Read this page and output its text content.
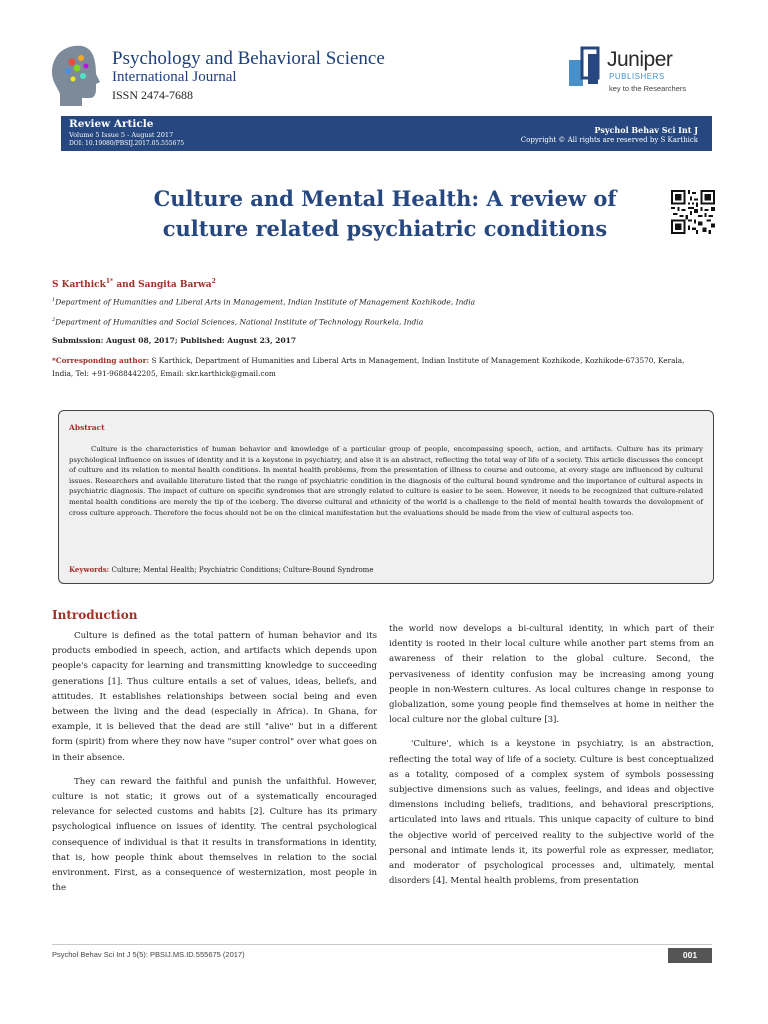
Psychology and Behavioral Science
International Journal
ISSN 2474-7688
Juniper
PUBLISHERS
key to the Researchers
Review Article
Volume 5 Issue 5 - August 2017
DOI: 10.19080/PBSIJ.2017.05.555675
Psychol Behav Sci Int J
Copyright © All rights are reserved by S Karthick
Culture and Mental Health: A review of
culture related psychiatric conditions
S Karthick$^{1*}$ and Sangita Barwa$^2$
$^1$Department of Humanities and Liberal Arts in Management, Indian Institute of Management Kozhikode, India
$^2$Department of Humanities and Social Sciences, National Institute of Technology Rourkela, India
Submission: August 08, 2017; Published: August 23, 2017
*Corresponding author: S Karthick, Department of Humanities and Liberal Arts in Management, Indian Institute of Management Kozhikode, Kozhikode-673570, Kerala, India, Tel: +91-9688442205, Email: skr.karthick@gmail.com
Abstract
Culture is the characteristics of human behavior and knowledge of a particular group of people, encompassing speech, action, and artifacts. Culture has its primary psychological influence on issues of identity and it is a keystone in psychiatry, and also it is an abstract, reflecting the total way of life of a society. This article discusses the concept of culture and its relation to mental health conditions. In mental health problems, from the presentation of illness to course and outcome, at every stage are influenced by cultural issues. Researchers and available literature listed that the range of psychiatric condition in the diagnosis of the cultural bound syndrome and the importance of cultural aspects in psychiatric diagnosis. The impact of culture on specific syndromes that are strongly related to culture is easier to be seen. However, it needs to be recognized that culture-related mental health conditions are merely the tip of the iceberg. The diverse cultural and ethnicity of the world is a challenge to the field of mental health towards the development of cross culture approach. Therefore the focus should not be on the clinical manifestation but the evaluations should be made from the view of cultural aspects too.
Keywords: Culture; Mental Health; Psychiatric Conditions; Culture-Bound Syndrome
Introduction

Culture is defined as the total pattern of human behavior and its products embodied in speech, action, and artifacts which depends upon people's capacity for learning and transmitting knowledge to succeeding generations [1]. Thus culture entails a set of values, ideas, beliefs, and attitudes. It establishes relationships between social being and even between the living and the dead (especially in Africa). In Ghana, for example, it is believed that the dead are still "alive" but in a different form (spirit) from where they now have "super control" over what goes on in their absence.

They can reward the faithful and punish the unfaithful. However, culture is not static; it grows out of a systematically encouraged relevance for selected customs and habits [2]. Culture has its primary psychological influence on issues of identity. The central psychological consequence of individual is that it results in transformations in identity, that is, how people think about themselves in relation to the social environment. First, as a consequence of westernization, most people in the

the world now develops a bi-cultural identity, in which part of their identity is rooted in their local culture while another part stems from an awareness of their relation to the global culture. Second, the pervasiveness of identity confusion may be increasing among young people in non-Western cultures. As local cultures change in response to globalization, some young people find themselves at home in neither the local culture nor the global culture [3].

'Culture', which is a keystone in psychiatry, is an abstraction, reflecting the total way of life of a society. Culture is best conceptualized as a totality, composed of a complex system of symbols possessing subjective dimensions such as values, feelings, and ideas and objective dimensions including beliefs, traditions, and behavioral prescriptions, articulated into laws and rituals. This unique capacity of culture to bind the objective world of perceived reality to the subjective world of the personal and intimate lends it, its powerful role as expresser, mediator, and moderator of psychological processes and, ultimately, mental disorders [4]. Mental health problems, from presentation

Psychol Behav Sci Int J 5(5): PBSIJ.MS.ID.555675 (2017)	001
